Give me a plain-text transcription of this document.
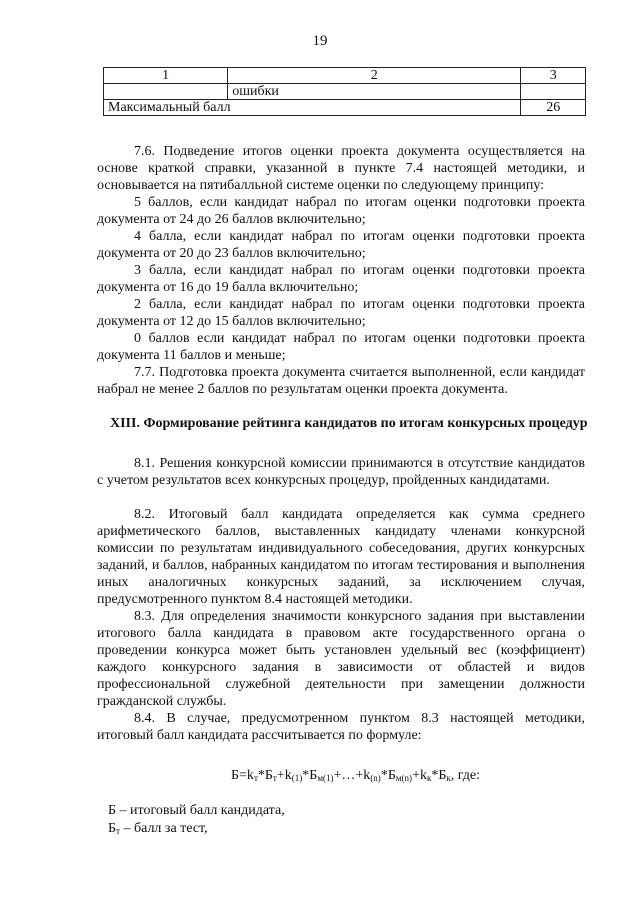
19
1	2	3
	ошибки	
Максимальный балл		26
7.6. Подведение итогов оценки проекта документа осуществляется на основе краткой справки, указанной в пункте 7.4 настоящей методики, и основывается на пятибалльной системе оценки по следующему принципу:
5 баллов, если кандидат набрал по итогам оценки подготовки проекта документа от 24 до 26 баллов включительно;
4 балла, если кандидат набрал по итогам оценки подготовки проекта документа от 20 до 23 баллов включительно;
3 балла, если кандидат набрал по итогам оценки подготовки проекта документа от 16 до 19 балла включительно;
2 балла, если кандидат набрал по итогам оценки подготовки проекта документа от 12 до 15 баллов включительно;
0 баллов если кандидат набрал по итогам оценки подготовки проекта документа 11 баллов и меньше;
7.7. Подготовка проекта документа считается выполненной, если кандидат набрал не менее 2 баллов по результатам оценки проекта документа.
XIII. Формирование рейтинга кандидатов по итогам конкурсных процедур
8.1. Решения конкурсной комиссии принимаются в отсутствие кандидатов с учетом результатов всех конкурсных процедур, пройденных кандидатами.
8.2. Итоговый балл кандидата определяется как сумма среднего арифметического баллов, выставленных кандидату членами конкурсной комиссии по результатам индивидуального собеседования, других конкурсных заданий, и баллов, набранных кандидатом по итогам тестирования и выполнения иных аналогичных конкурсных заданий, за исключением случая, предусмотренного пунктом 8.4 настоящей методики.
8.3. Для определения значимости конкурсного задания при выставлении итогового балла кандидата в правовом акте государственного органа о проведении конкурса может быть установлен удельный вес (коэффициент) каждого конкурсного задания в зависимости от областей и видов профессиональной служебной деятельности при замещении должности гражданской службы.
8.4. В случае, предусмотренном пунктом 8.3 настоящей методики, итоговый балл кандидата рассчитывается по формуле:
$Б=k_т*Б_т+k_{(1)}*Б_{м(1)}+\dots+k_{(n)}*Б_{м(n)}+k_к*Б_к$, где:
Б – итоговый балл кандидата,
$Б_т$ – балл за тест,
